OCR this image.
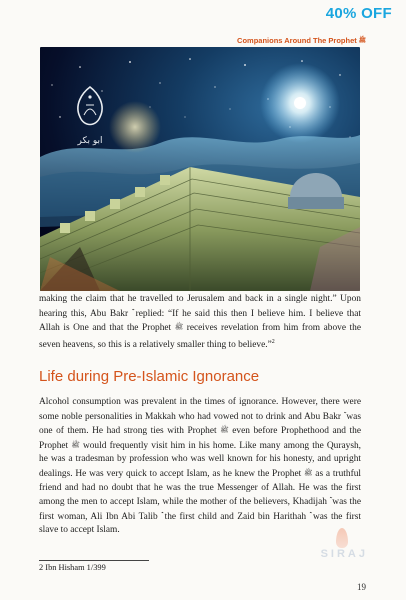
40% OFF
Companions Around The Prophet ﷺ
ابو بكر

making the claim that he travelled to Jerusalem and back in a single night.” Upon hearing this, Abu Bakr replied: “If he said this then I believe him. I believe that Allah is One and that the Prophet ﷺ receives revelation from him from above the seven heavens, so this is a relatively smaller thing to believe.”$^2$

Life during Pre-Islamic Ignorance

Alcohol consumption was prevalent in the times of ignorance. However, there were some noble personalities in Makkah who had vowed not to drink and Abu Bakr was one of them. He had strong ties with Prophet ﷺ even before Prophethood and the Prophet ﷺ would frequently visit him in his home. Like many among the Quraysh, he was a tradesman by profession who was well known for his honesty, and upright dealings. He was very quick to accept Islam, as he knew the Prophet ﷺ as a truthful friend and had no doubt that he was the true Messenger of Allah. He was the first among the men to accept Islam, while the mother of the believers, Khadijah was the first woman, Ali Ibn Abi Talib the first child and Zaid bin Harithah was the first slave to accept Islam.

2 Ibn Hisham 1/399
SIRAJ
19
